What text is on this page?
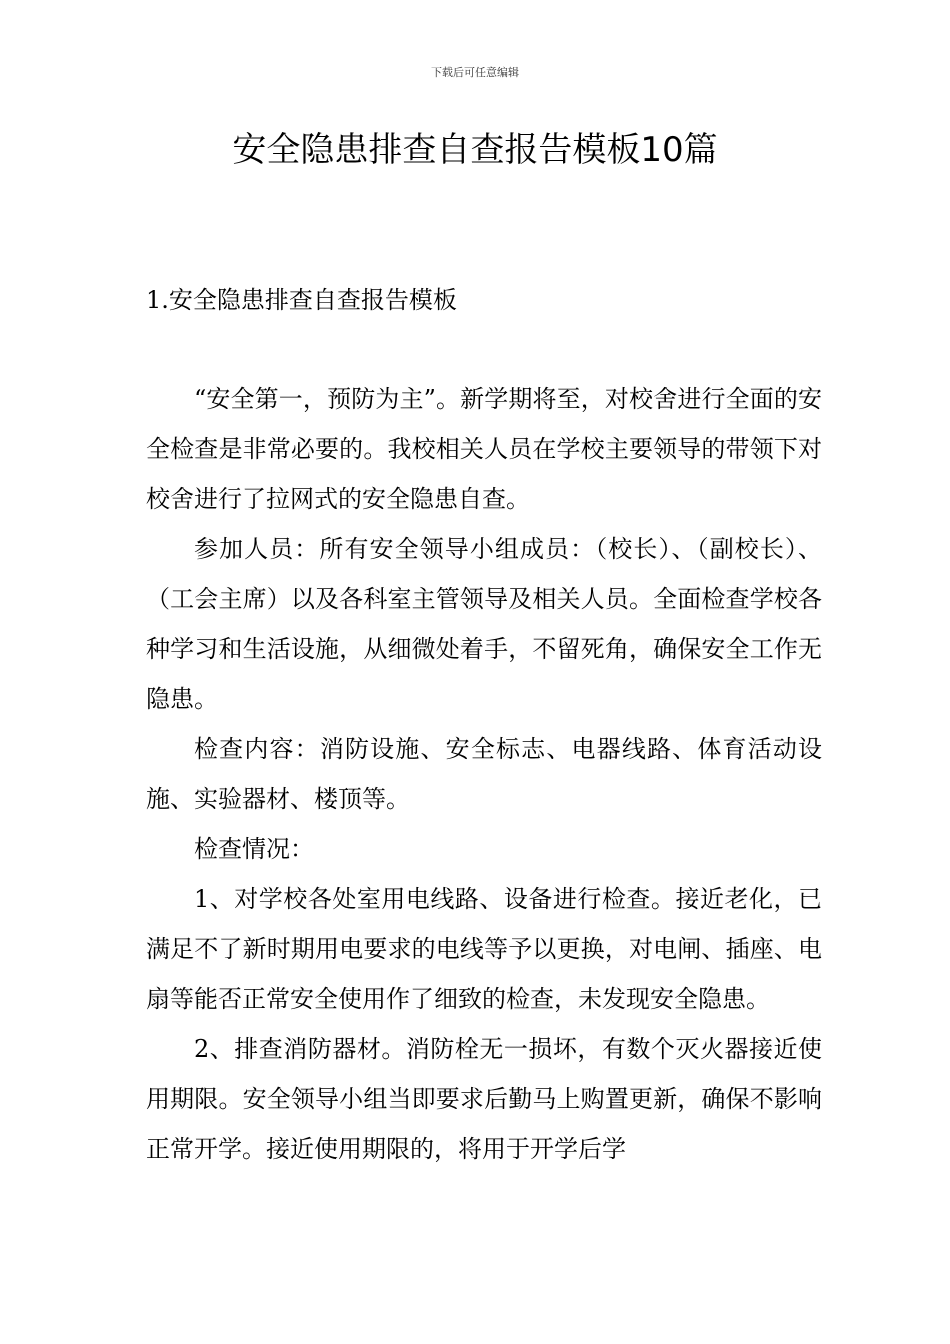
下载后可任意编辑
安全隐患排查自查报告模板10篇
1.安全隐患排查自查报告模板

“安全第一，预防为主”。新学期将至，对校舍进行全面的安全检查是非常必要的。我校相关人员在学校主要领导的带领下对校舍进行了拉网式的安全隐患自查。

参加人员：所有安全领导小组成员：（校长）、（副校长）、（工会主席）以及各科室主管领导及相关人员。全面检查学校各种学习和生活设施，从细微处着手，不留死角，确保安全工作无隐患。

检查内容：消防设施、安全标志、电器线路、体育活动设施、实验器材、楼顶等。

检查情况：

1、对学校各处室用电线路、设备进行检查。接近老化，已满足不了新时期用电要求的电线等予以更换，对电闸、插座、电扇等能否正常安全使用作了细致的检查，未发现安全隐患。

2、排查消防器材。消防栓无一损坏，有数个灭火器接近使用期限。安全领导小组当即要求后勤马上购置更新，确保不影响正常开学。接近使用期限的，将用于开学后学
